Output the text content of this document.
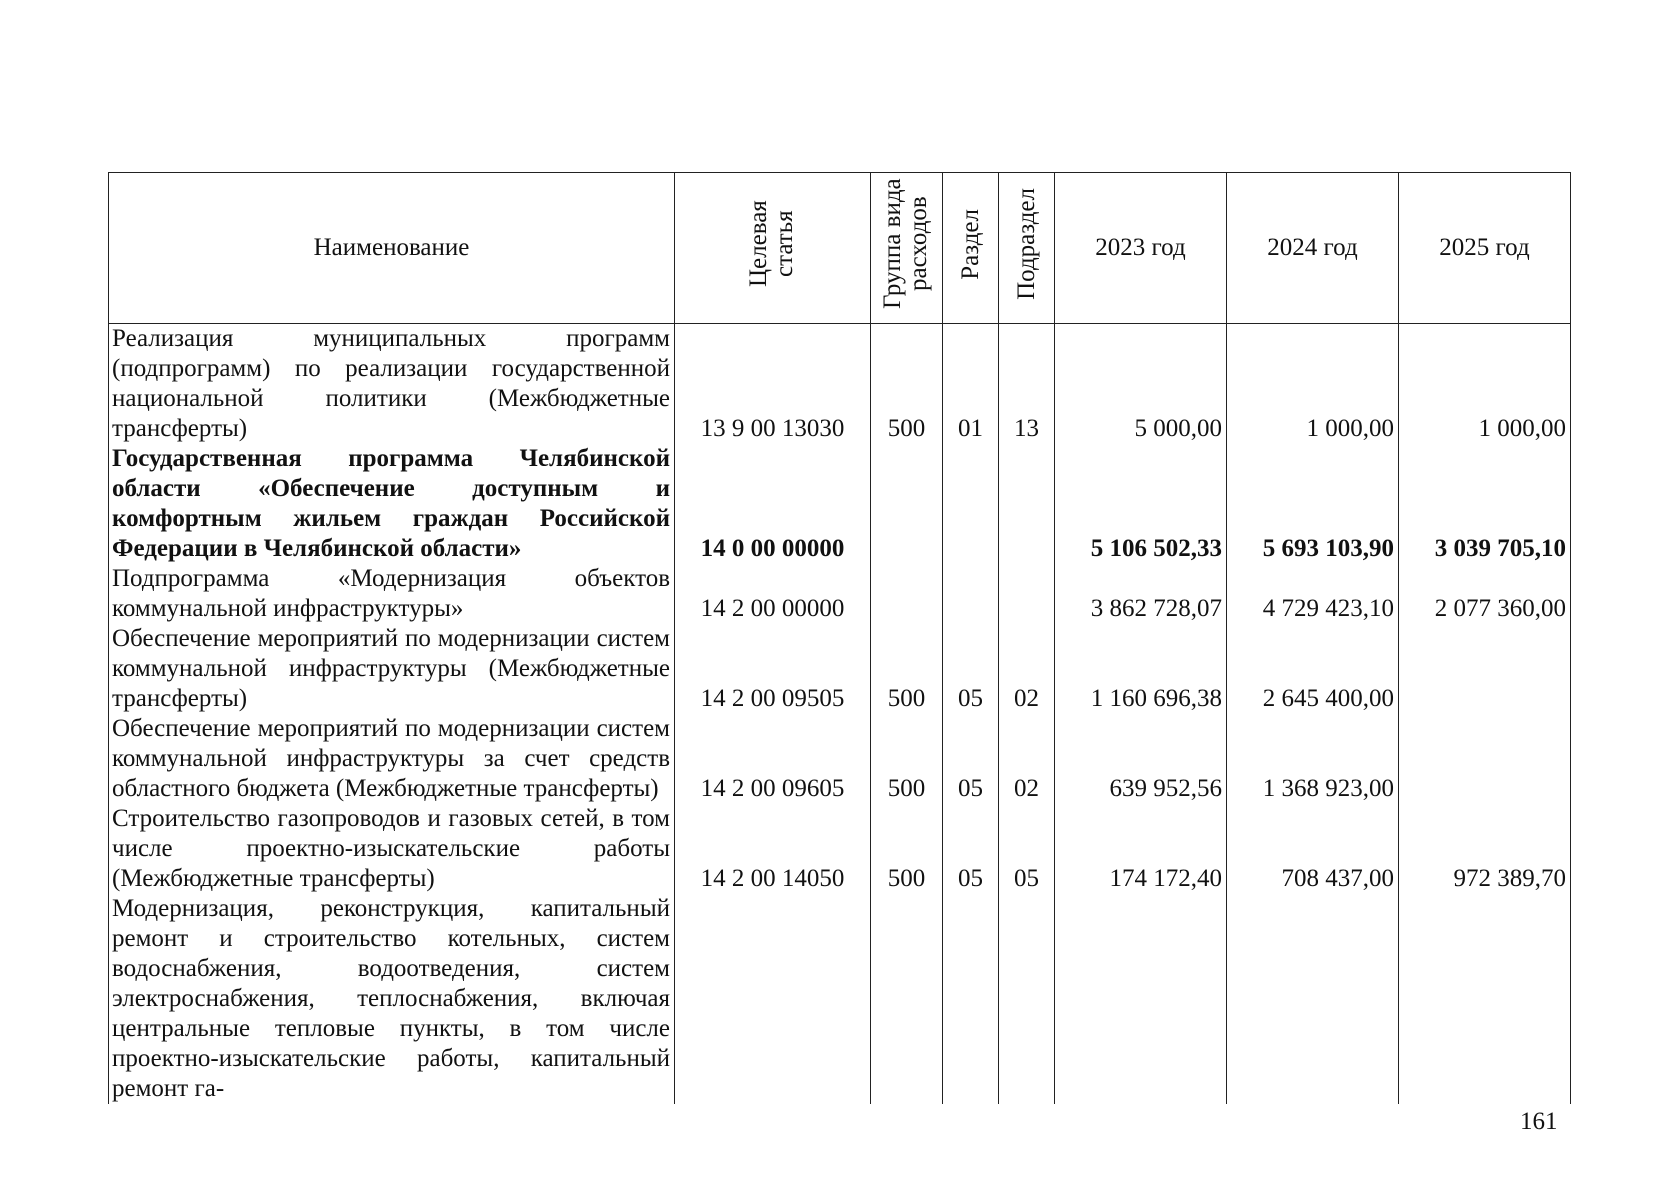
Наименование	Целевая статья	Группа вида расходов	Раздел	Подраздел	2023 год	2024 год	2025 год
Реализация муниципальных программ (подпрограмм) по реализации государственной национальной политики (Межбюджетные трансферты)	13 9 00 13030	500	01	13	5 000,00	1 000,00	1 000,00
Государственная программа Челябинской области «Обеспечение доступным и комфортным жильем граждан Российской Федерации в Челябинской области»	14 0 00 00000				5 106 502,33	5 693 103,90	3 039 705,10
Подпрограмма «Модернизация объектов коммунальной инфраструктуры»	14 2 00 00000				3 862 728,07	4 729 423,10	2 077 360,00
Обеспечение мероприятий по модернизации систем коммунальной инфраструктуры (Межбюджетные трансферты)	14 2 00 09505	500	05	02	1 160 696,38	2 645 400,00	
Обеспечение мероприятий по модернизации систем коммунальной инфраструктуры за счет средств областного бюджета (Межбюджетные трансферты)	14 2 00 09605	500	05	02	639 952,56	1 368 923,00	
Строительство газопроводов и газовых сетей, в том числе проектно-изыскательские работы (Межбюджетные трансферты)	14 2 00 14050	500	05	05	174 172,40	708 437,00	972 389,70
Модернизация, реконструкция, капитальный ремонт и строительство котельных, систем водоснабжения, водоотведения, систем электроснабжения, теплоснабжения, включая центральные тепловые пункты, в том числе проектно-изыскательские работы, капитальный ремонт га-							
161
